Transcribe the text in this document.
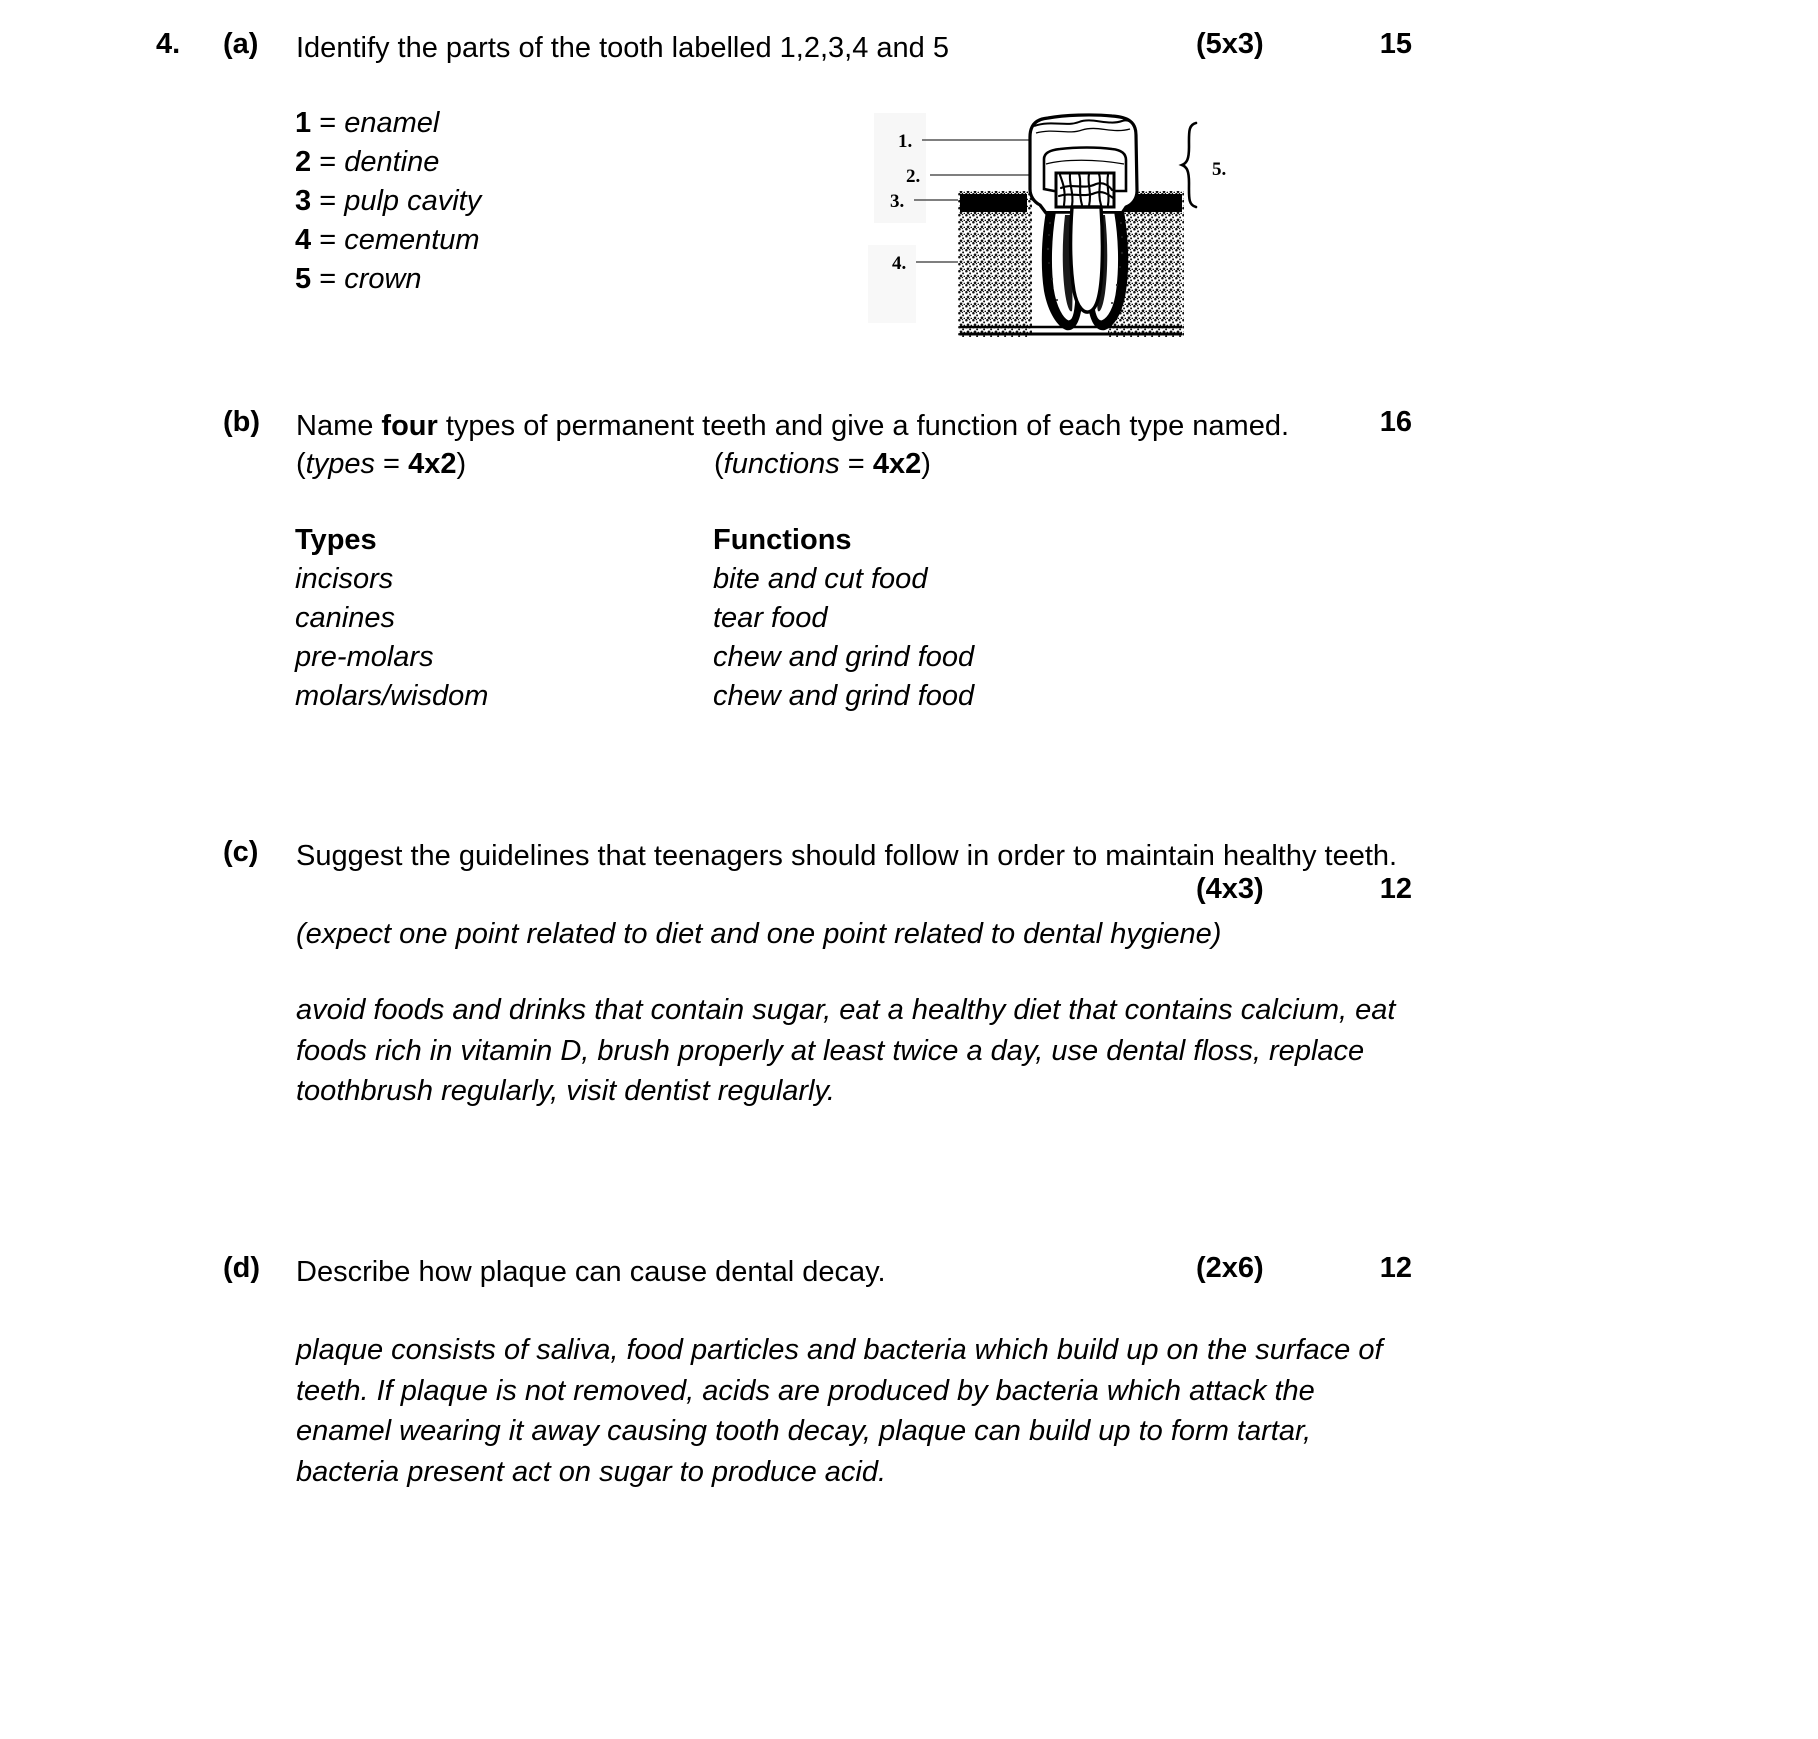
4. (a) Identify the parts of the tooth labelled 1,2,3,4 and 5	(5x3)	15
1 = enamel
2 = dentine
3 = pulp cavity
4 = cementum
5 = crown
1.
2.
3.
4.
5.
(b) Name four types of permanent teeth and give a function of each type named.	16
(types = 4x2)	(functions = 4x2)
Types	Functions
incisors	bite and cut food
canines	tear food
pre-molars	chew and grind food
molars/wisdom	chew and grind food
(c) Suggest the guidelines that teenagers should follow in order to maintain healthy teeth.
(4x3)	12
(expect one point related to diet and one point related to dental hygiene)
avoid foods and drinks that contain sugar, eat a healthy diet that contains calcium, eat foods rich in vitamin D, brush properly at least twice a day, use dental floss, replace toothbrush regularly, visit dentist regularly.
(d) Describe how plaque can cause dental decay.	(2x6)	12
plaque consists of saliva, food particles and bacteria which build up on the surface of teeth. If plaque is not removed, acids are produced by bacteria which attack the enamel wearing it away causing tooth decay, plaque can build up to form tartar, bacteria present act on sugar to produce acid.
